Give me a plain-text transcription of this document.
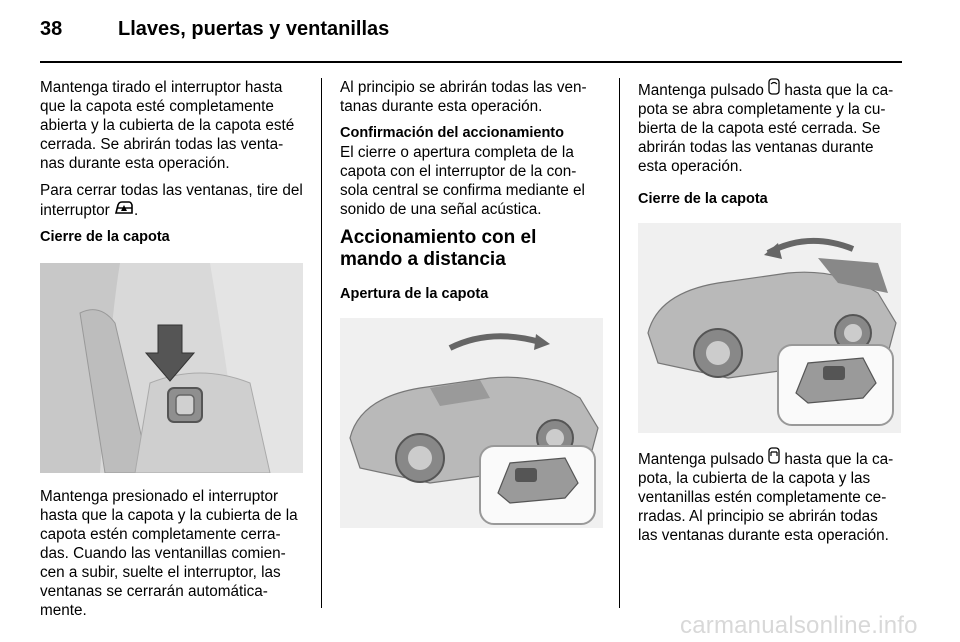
38	Llaves, puertas y ventanillas

Mantenga tirado el interruptor hasta que la capota esté completamente abierta y la cubierta de la capota esté cerrada. Se abrirán todas las venta-nas durante esta operación.

Para cerrar todas las ventanas, tire del interruptor .

Cierre de la capota

Mantenga presionado el interruptor hasta que la capota y la cubierta de la capota estén completamente cerra-das. Cuando las ventanillas comien-cen a subir, suelte el interruptor, las ventanas se cerrarán automática-mente.

Al principio se abrirán todas las ven-tanas durante esta operación.

Confirmación del accionamiento

El cierre o apertura completa de la capota con el interruptor de la con-sola central se confirma mediante el sonido de una señal acústica.

Accionamiento con el mando a distancia

Apertura de la capota

Mantenga pulsado  hasta que la ca-pota se abra completamente y la cu-bierta de la capota esté cerrada. Se abrirán todas las ventanas durante esta operación.

Cierre de la capota

Mantenga pulsado  hasta que la ca-pota, la cubierta de la capota y las ventanillas estén completamente ce-rradas. Al principio se abrirán todas las ventanas durante esta operación.

carmanualsonline.info
